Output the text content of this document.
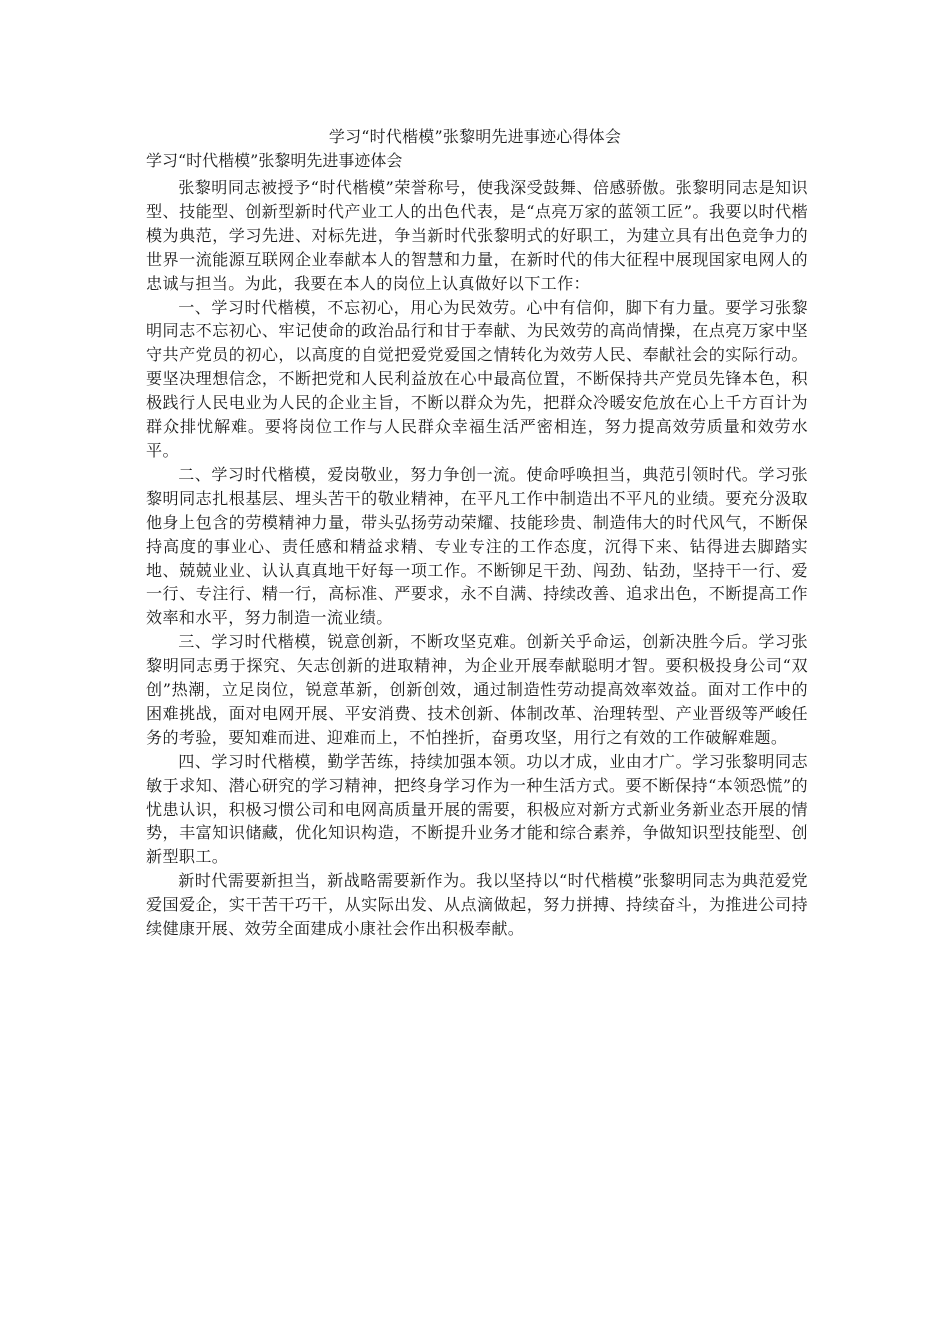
学习“时代楷模”张黎明先进事迹心得体会
学习“时代楷模”张黎明先进事迹体会

张黎明同志被授予“时代楷模”荣誉称号，使我深受鼓舞、倍感骄傲。张黎明同志是知识型、技能型、创新型新时代产业工人的出色代表，是“点亮万家的蓝领工匠”。我要以时代楷模为典范，学习先进、对标先进，争当新时代张黎明式的好职工，为建立具有出色竞争力的世界一流能源互联网企业奉献本人的智慧和力量，在新时代的伟大征程中展现国家电网人的忠诚与担当。为此，我要在本人的岗位上认真做好以下工作：

一、学习时代楷模，不忘初心，用心为民效劳。心中有信仰，脚下有力量。要学习张黎明同志不忘初心、牢记使命的政治品行和甘于奉献、为民效劳的高尚情操，在点亮万家中坚守共产党员的初心，以高度的自觉把爱党爱国之情转化为效劳人民、奉献社会的实际行动。要坚决理想信念，不断把党和人民利益放在心中最高位置，不断保持共产党员先锋本色，积极践行人民电业为人民的企业主旨，不断以群众为先，把群众冷暖安危放在心上千方百计为群众排忧解难。要将岗位工作与人民群众幸福生活严密相连，努力提高效劳质量和效劳水平。

二、学习时代楷模，爱岗敬业，努力争创一流。使命呼唤担当，典范引领时代。学习张黎明同志扎根基层、埋头苦干的敬业精神，在平凡工作中制造出不平凡的业绩。要充分汲取他身上包含的劳模精神力量，带头弘扬劳动荣耀、技能珍贵、制造伟大的时代风气，不断保持高度的事业心、责任感和精益求精、专业专注的工作态度，沉得下来、钻得进去脚踏实地、兢兢业业、认认真真地干好每一项工作。不断铆足干劲、闯劲、钻劲，坚持干一行、爱一行、专注行、精一行，高标准、严要求，永不自满、持续改善、追求出色，不断提高工作效率和水平，努力制造一流业绩。

三、学习时代楷模，锐意创新，不断攻坚克难。创新关乎命运，创新决胜今后。学习张黎明同志勇于探究、矢志创新的进取精神，为企业开展奉献聪明才智。要积极投身公司“双创”热潮，立足岗位，锐意革新，创新创效，通过制造性劳动提高效率效益。面对工作中的困难挑战，面对电网开展、平安消费、技术创新、体制改革、治理转型、产业晋级等严峻任务的考验，要知难而进、迎难而上，不怕挫折，奋勇攻坚，用行之有效的工作破解难题。

四、学习时代楷模，勤学苦练，持续加强本领。功以才成，业由才广。学习张黎明同志敏于求知、潜心研究的学习精神，把终身学习作为一种生活方式。要不断保持“本领恐慌”的忧患认识，积极习惯公司和电网高质量开展的需要，积极应对新方式新业务新业态开展的情势，丰富知识储藏，优化知识构造，不断提升业务才能和综合素养，争做知识型技能型、创新型职工。

新时代需要新担当，新战略需要新作为。我以坚持以“时代楷模”张黎明同志为典范爱党爱国爱企，实干苦干巧干，从实际出发、从点滴做起，努力拼搏、持续奋斗，为推进公司持续健康开展、效劳全面建成小康社会作出积极奉献。
